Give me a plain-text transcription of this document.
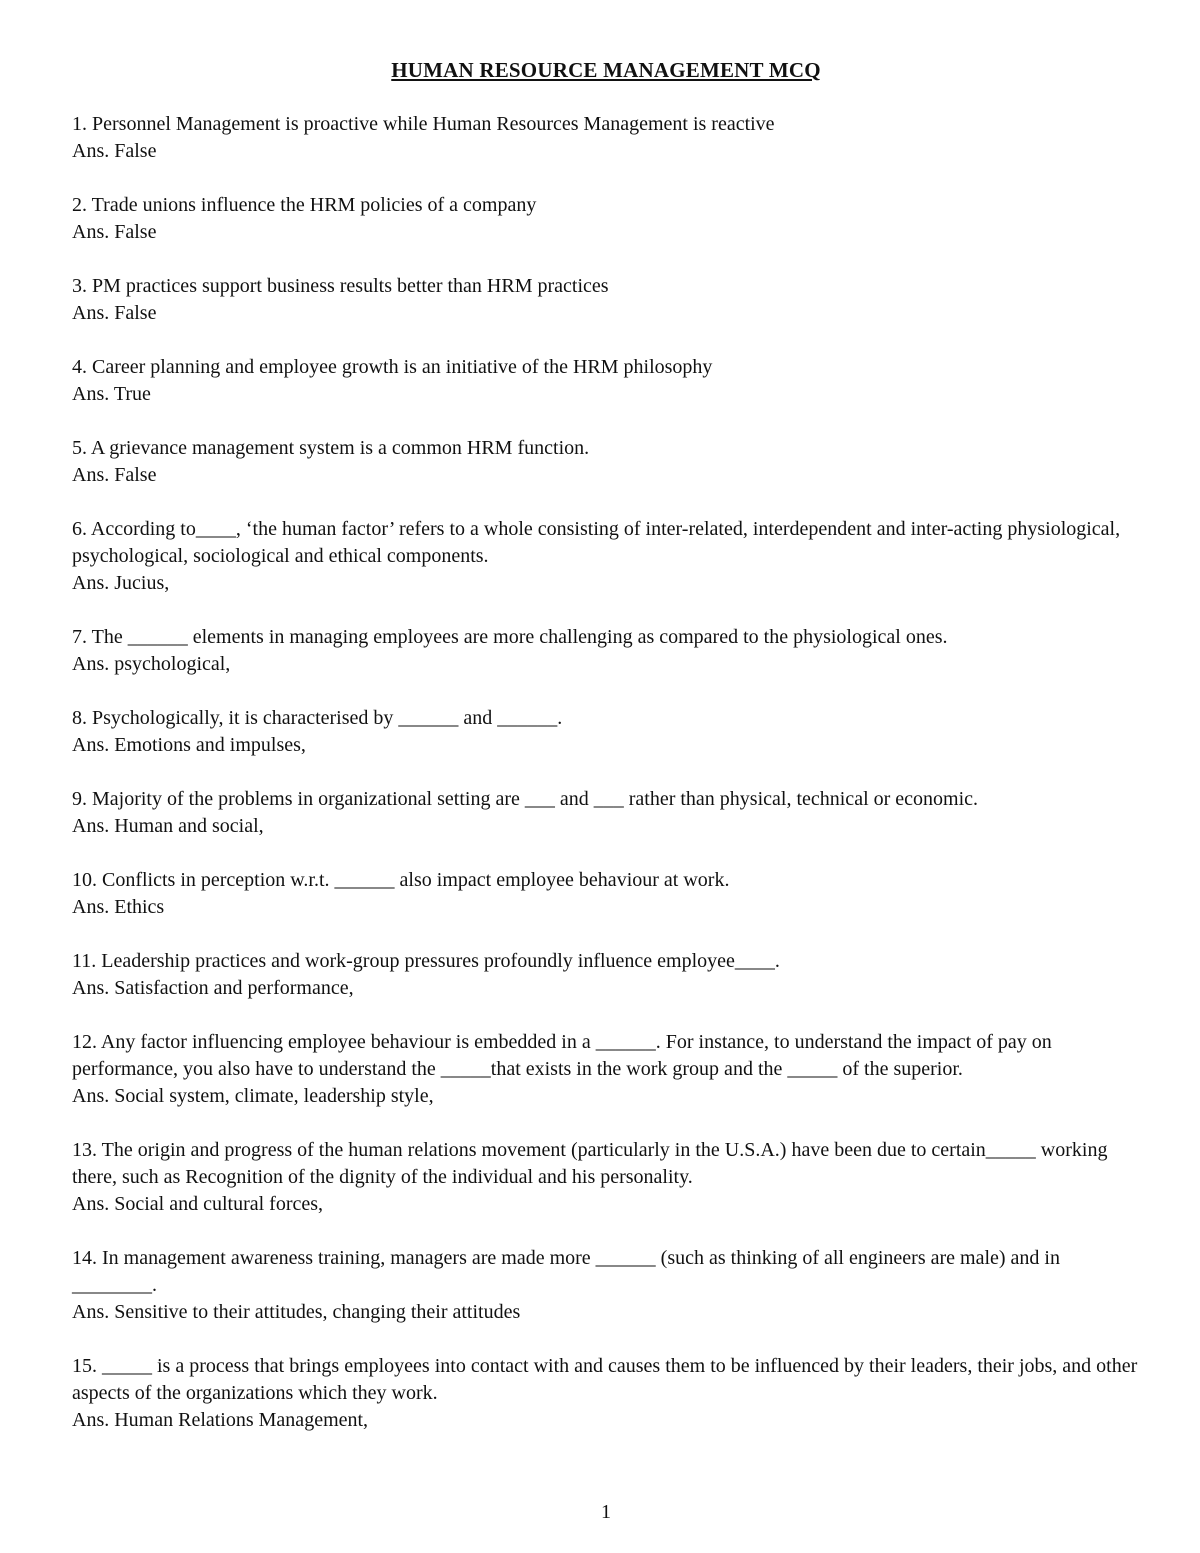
HUMAN RESOURCE MANAGEMENT MCQ

1. Personnel Management is proactive while Human Resources Management is reactive

Ans. False

2. Trade unions influence the HRM policies of a company

Ans. False

3. PM practices support business results better than HRM practices

Ans. False

4. Career planning and employee growth is an initiative of the HRM philosophy

Ans. True

5. A grievance management system is a common HRM function.

Ans. False

6. According to____, ‘the human factor’ refers to a whole consisting of inter-related, interdependent and inter-acting physiological, psychological, sociological and ethical components.

Ans. Jucius,

7. The ______ elements in managing employees are more challenging as compared to the physiological ones.

Ans. psychological,

8. Psychologically, it is characterised by ______ and ______.

Ans. Emotions and impulses,

9. Majority of the problems in organizational setting are ___ and ___ rather than physical, technical or economic.

Ans. Human and social,

10. Conflicts in perception w.r.t. ______ also impact employee behaviour at work.

Ans. Ethics

11. Leadership practices and work-group pressures profoundly influence employee____.

Ans. Satisfaction and performance,

12. Any factor influencing employee behaviour is embedded in a ______. For instance, to understand the impact of pay on performance, you also have to understand the _____that exists in the work group and the _____ of the superior.

Ans. Social system, climate, leadership style,

13. The origin and progress of the human relations movement (particularly in the U.S.A.) have been due to certain_____ working there, such as Recognition of the dignity of the individual and his personality.

Ans. Social and cultural forces,

14. In management awareness training, managers are made more ______ (such as thinking of all engineers are male) and in ________.

Ans. Sensitive to their attitudes, changing their attitudes

15. _____ is a process that brings employees into contact with and causes them to be influenced by their leaders, their jobs, and other aspects of the organizations which they work.

Ans. Human Relations Management,

1
